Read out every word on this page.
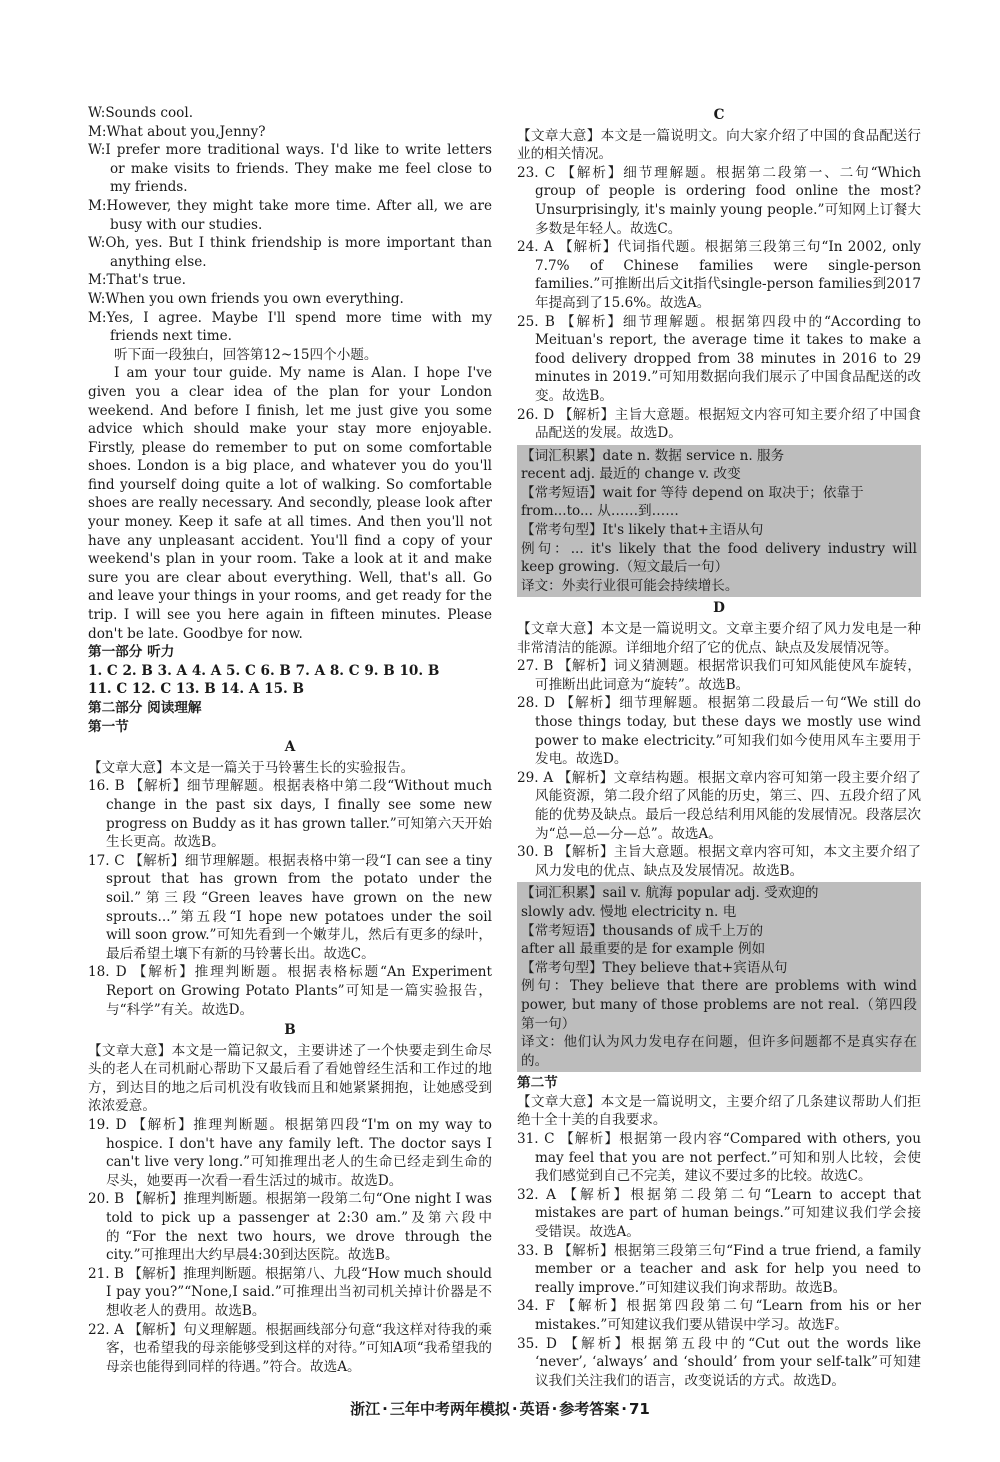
W:Sounds cool.

M:What about you,Jenny?

W:I prefer more traditional ways. I'd like to write letters or make visits to friends. They make me feel close to my friends.

M:However, they might take more time. After all, we are busy with our studies.

W:Oh, yes. But I think friendship is more important than anything else.

M:That's true.

W:When you own friends you own everything.

M:Yes, I agree. Maybe I'll spend more time with my friends next time.

听下面一段独白，回答第12~15四个小题。

I am your tour guide. My name is Alan. I hope I've given you a clear idea of the plan for your London weekend. And before I finish, let me just give you some advice which should make your stay more enjoyable. Firstly, please do remember to put on some comfortable shoes. London is a big place, and whatever you do you'll find yourself doing quite a lot of walking. So comfortable shoes are really necessary. And secondly, please look after your money. Keep it safe at all times. And then you'll not have any unpleasant accident. You'll find a copy of your weekend's plan in your room. Take a look at it and make sure you are clear about everything. Well, that's all. Go and leave your things in your rooms, and get ready for the trip. I will see you here again in fifteen minutes. Please don't be late. Goodbye for now.

第一部分 听力

1. C 2. B 3. A 4. A 5. C 6. B 7. A 8. C 9. B 10. B

11. C 12. C 13. B 14. A 15. B

第二部分 阅读理解

第一节

A

【文章大意】本文是一篇关于马铃薯生长的实验报告。

16. B 【解析】细节理解题。根据表格中第二段“Without much change in the past six days, I finally see some new progress on Buddy as it has grown taller.”可知第六天开始生长更高。故选B。

17. C 【解析】细节理解题。根据表格中第一段“I can see a tiny sprout that has grown from the potato under the soil.”第三段“Green leaves have grown on the new sprouts...”第五段“I hope new potatoes under the soil will soon grow.”可知先看到一个嫩芽儿，然后有更多的绿叶，最后希望土壤下有新的马铃薯长出。故选C。

18. D 【解析】推理判断题。根据表格标题“An Experiment Report on Growing Potato Plants”可知是一篇实验报告，与“科学”有关。故选D。

B

【文章大意】本文是一篇记叙文，主要讲述了一个快要走到生命尽头的老人在司机耐心帮助下又最后看了看她曾经生活和工作过的地方，到达目的地之后司机没有收钱而且和她紧紧拥抱，让她感受到浓浓爱意。

19. D 【解析】推理判断题。根据第四段“I'm on my way to hospice. I don't have any family left. The doctor says I can't live very long.”可知推理出老人的生命已经走到生命的尽头，她要再一次看一看生活过的城市。故选D。

20. B 【解析】推理判断题。根据第一段第二句“One night I was told to pick up a passenger at 2:30 am.”及第六段中的“For the next two hours, we drove through the city.”可推理出大约早晨4:30到达医院。故选B。

21. B 【解析】推理判断题。根据第八、九段“How much should I pay you?”“None,I said.”可推理出当初司机关掉计价器是不想收老人的费用。故选B。

22. A 【解析】句义理解题。根据画线部分句意“我这样对待我的乘客，也希望我的母亲能够受到这样的对待。”可知A项“我希望我的母亲也能得到同样的待遇。”符合。故选A。

C

【文章大意】本文是一篇说明文。向大家介绍了中国的食品配送行业的相关情况。

23. C 【解析】细节理解题。根据第二段第一、二句“Which group of people is ordering food online the most? Unsurprisingly, it's mainly young people.”可知网上订餐大多数是年轻人。故选C。

24. A 【解析】代词指代题。根据第三段第三句“In 2002, only 7.7% of Chinese families were single-person families.”可推断出后文it指代single-person families到2017年提高到了15.6%。故选A。

25. B 【解析】细节理解题。根据第四段中的“According to Meituan's report, the average time it takes to make a food delivery dropped from 38 minutes in 2016 to 29 minutes in 2019.”可知用数据向我们展示了中国食品配送的改变。故选B。

26. D 【解析】主旨大意题。根据短文内容可知主要介绍了中国食品配送的发展。故选D。

【词汇积累】date n. 数据 service n. 服务

recent adj. 最近的 change v. 改变

【常考短语】wait for 等待 depend on 取决于；依靠于

from...to... 从……到……

【常考句型】It's likely that+主语从句

例句：... it's likely that the food delivery industry will keep growing.（短文最后一句）

译文：外卖行业很可能会持续增长。

D

【文章大意】本文是一篇说明文。文章主要介绍了风力发电是一种非常清洁的能源。详细地介绍了它的优点、缺点及发展情况等。

27. B 【解析】词义猜测题。根据常识我们可知风能使风车旋转，可推断出此词意为“旋转”。故选B。

28. D 【解析】细节理解题。根据第二段最后一句“We still do those things today, but these days we mostly use wind power to make electricity.”可知我们如今使用风车主要用于发电。故选D。

29. A 【解析】文章结构题。根据文章内容可知第一段主要介绍了风能资源，第二段介绍了风能的历史，第三、四、五段介绍了风能的优势及缺点。最后一段总结利用风能的发展情况。段落层次为“总—总—分—总”。故选A。

30. B 【解析】主旨大意题。根据文章内容可知，本文主要介绍了风力发电的优点、缺点及发展情况。故选B。

【词汇积累】sail v. 航海 popular adj. 受欢迎的

slowly adv. 慢地 electricity n. 电

【常考短语】thousands of 成千上万的

after all 最重要的是 for example 例如

【常考句型】They believe that+宾语从句

例句：They believe that there are problems with wind power, but many of those problems are not real.（第四段第一句）

译文：他们认为风力发电存在问题，但许多问题都不是真实存在的。

第二节

【文章大意】本文是一篇说明文，主要介绍了几条建议帮助人们拒绝十全十美的自我要求。

31. C 【解析】根据第一段内容“Compared with others, you may feel that you are not perfect.”可知和别人比较，会使我们感觉到自己不完美，建议不要过多的比较。故选C。

32. A 【解析】根据第二段第二句“Learn to accept that mistakes are part of human beings.”可知建议我们学会接受错误。故选A。

33. B 【解析】根据第三段第三句“Find a true friend, a family member or a teacher and ask for help you need to really improve.”可知建议我们询求帮助。故选B。

34. F 【解析】根据第四段第二句“Learn from his or her mistakes.”可知建议我们要从错误中学习。故选F。

35. D 【解析】根据第五段中的“Cut out the words like ‘never’, ‘always’ and ‘should’ from your self-talk”可知建议我们关注我们的语言，改变说话的方式。故选D。

浙江 · 三年中考两年模拟 · 英语 · 参考答案 · 71
